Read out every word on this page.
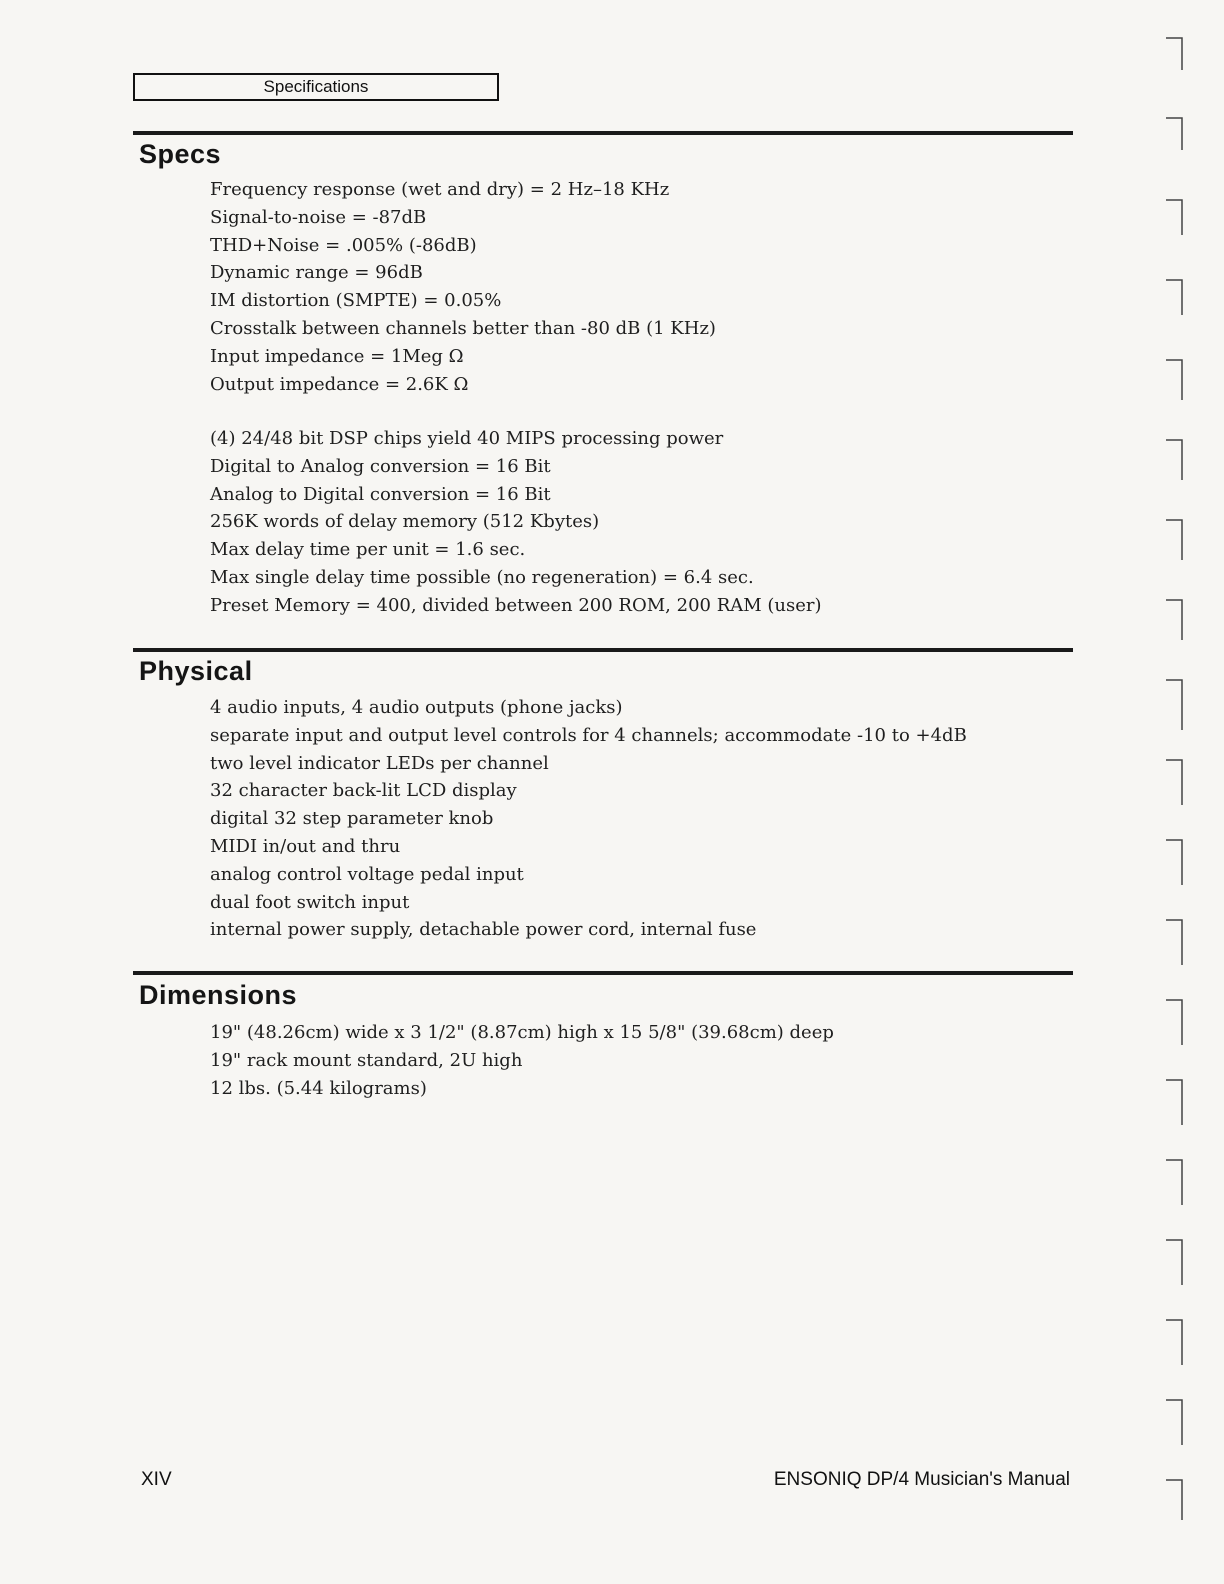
Specifications
Specs
Frequency response (wet and dry) = 2 Hz–18 KHz
Signal-to-noise = -87dB
THD+Noise = .005% (-86dB)
Dynamic range = 96dB
IM distortion (SMPTE) = 0.05%
Crosstalk between channels better than -80 dB (1 KHz)
Input impedance = 1Meg Ω
Output impedance = 2.6K Ω
(4) 24/48 bit DSP chips yield 40 MIPS processing power
Digital to Analog conversion = 16 Bit
Analog to Digital conversion = 16 Bit
256K words of delay memory (512 Kbytes)
Max delay time per unit = 1.6 sec.
Max single delay time possible (no regeneration) = 6.4 sec.
Preset Memory = 400, divided between 200 ROM, 200 RAM (user)
Physical
4 audio inputs, 4 audio outputs (phone jacks)
separate input and output level controls for 4 channels; accommodate -10 to +4dB
two level indicator LEDs per channel
32 character back-lit LCD display
digital 32 step parameter knob
MIDI in/out and thru
analog control voltage pedal input
dual foot switch input
internal power supply, detachable power cord, internal fuse
Dimensions
19" (48.26cm) wide x 3 1/2" (8.87cm) high x 15 5/8" (39.68cm) deep
19" rack mount standard, 2U high
12 lbs. (5.44 kilograms)
XIV	ENSONIQ DP/4 Musician's Manual
